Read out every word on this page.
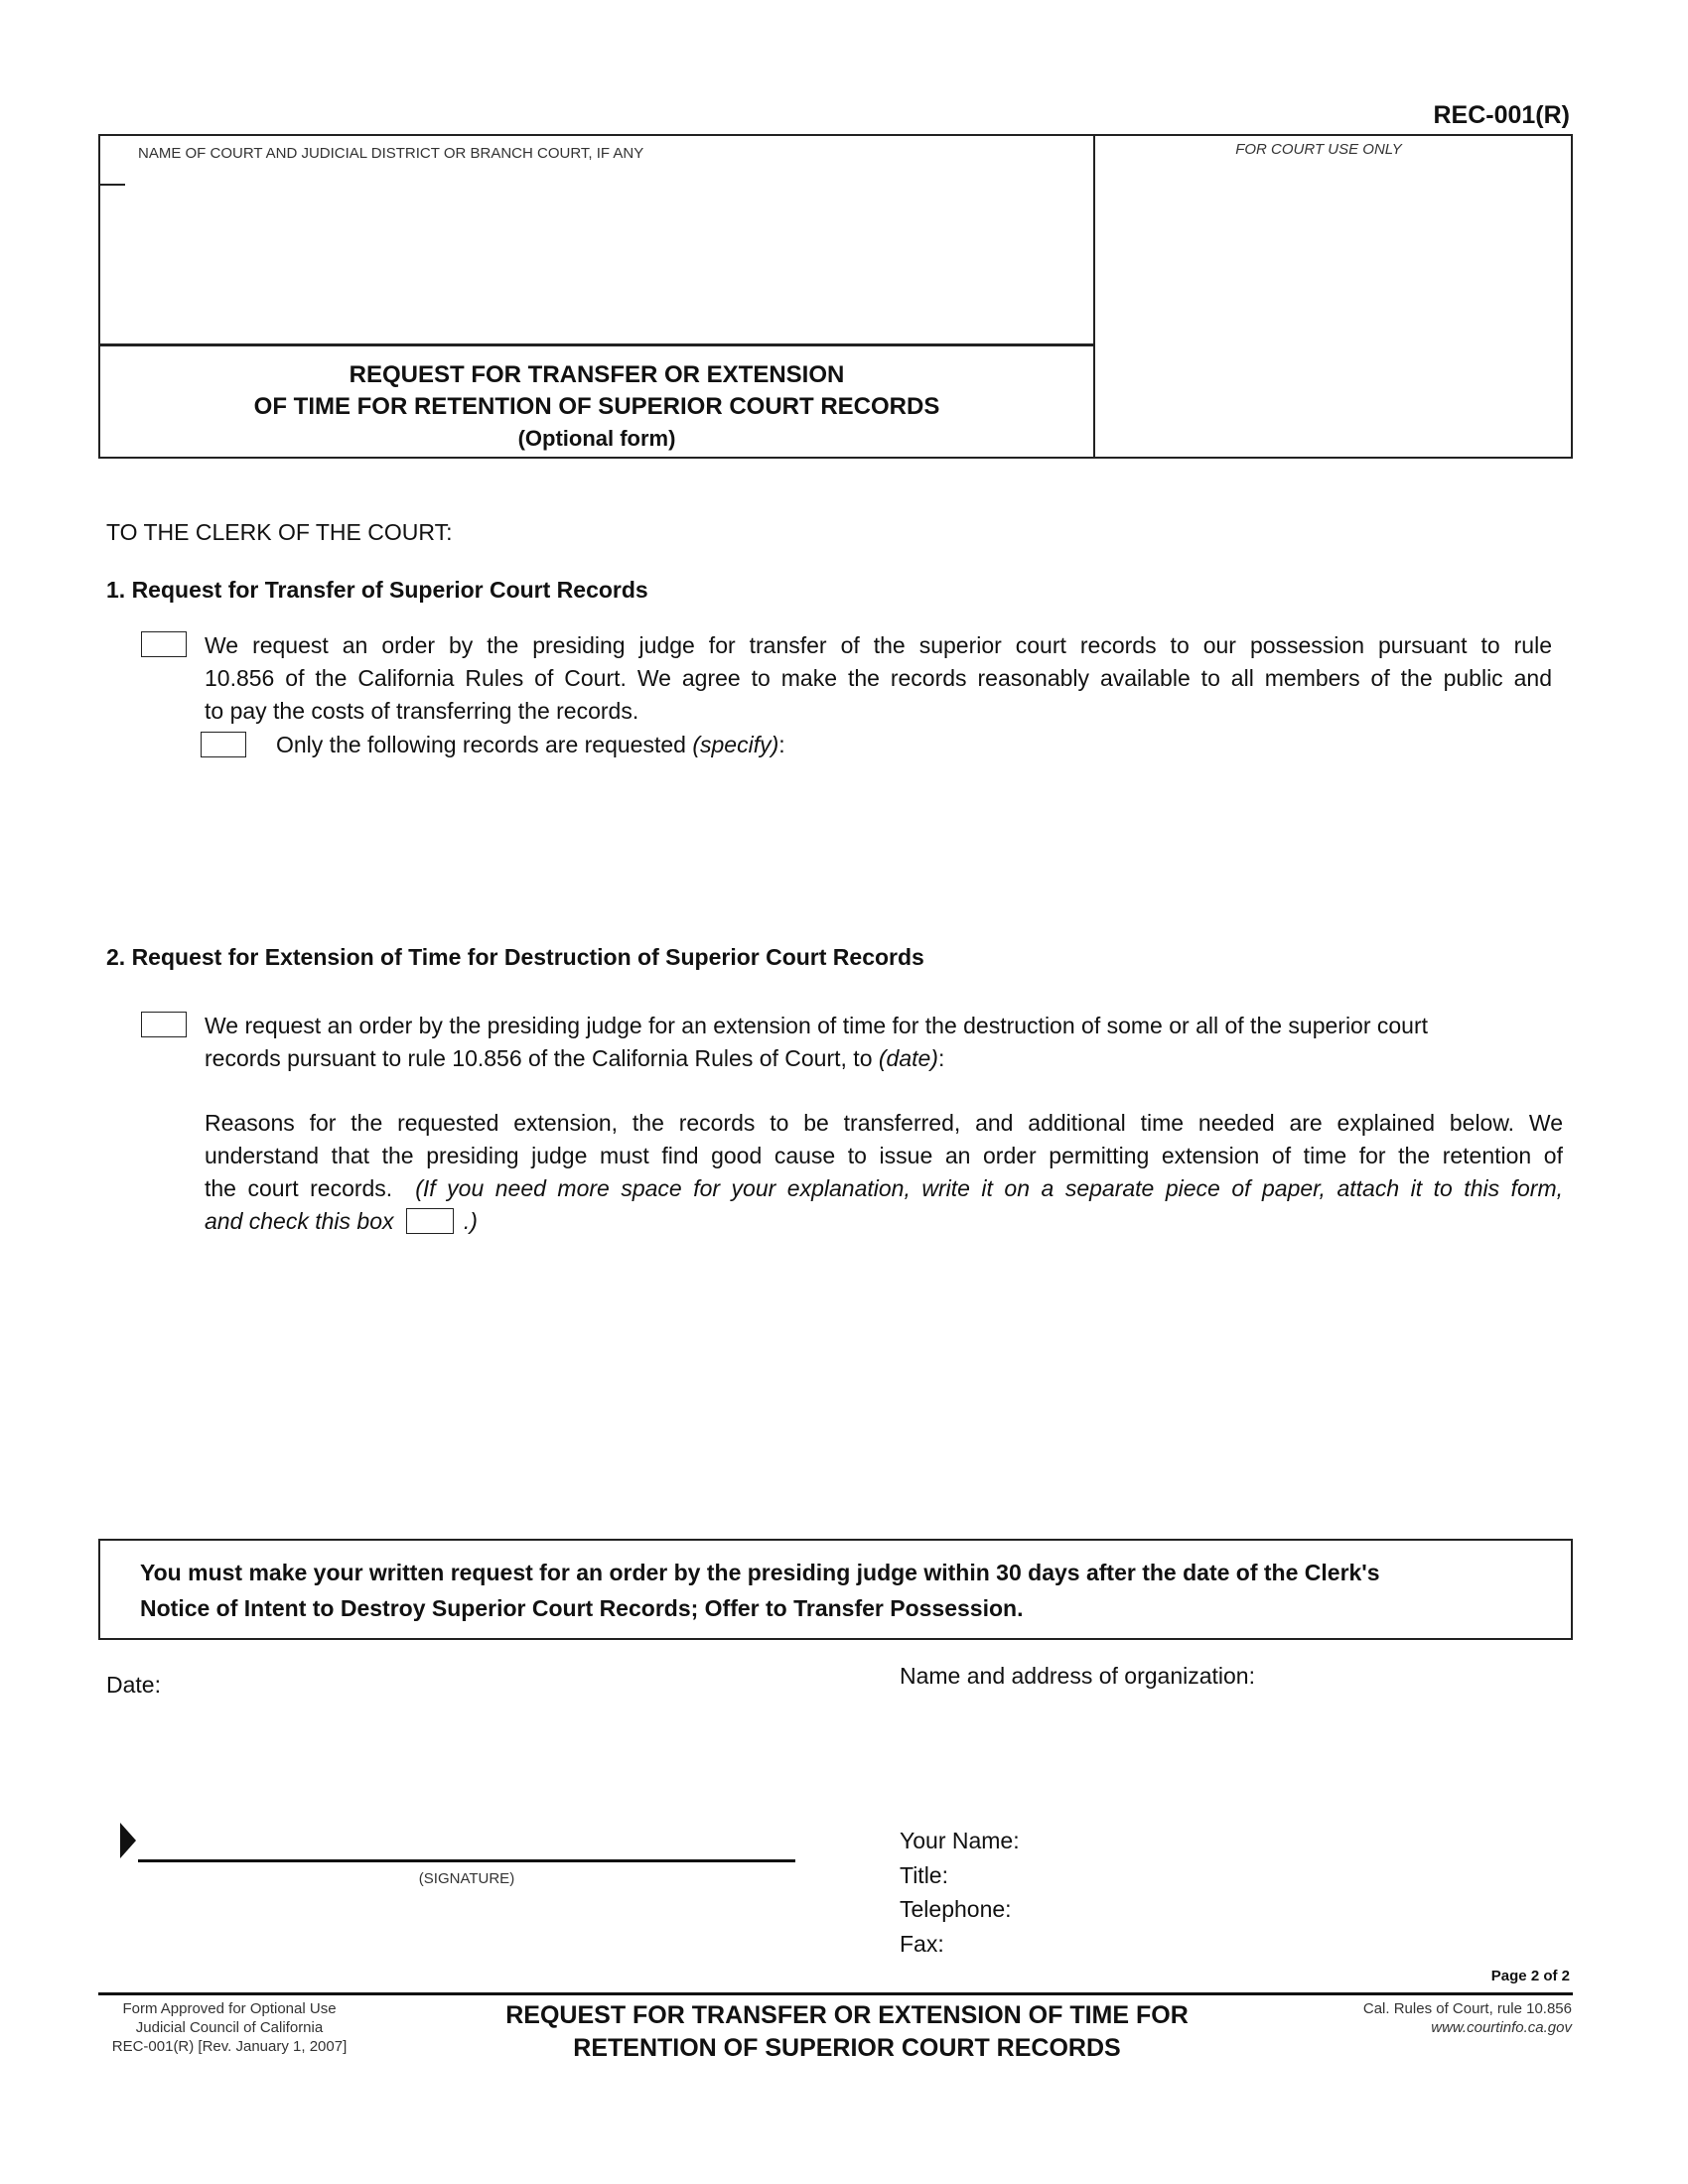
REC-001(R)
NAME OF COURT AND JUDICIAL DISTRICT OR BRANCH COURT, IF ANY	FOR COURT USE ONLY
REQUEST FOR TRANSFER OR EXTENSION
OF TIME FOR RETENTION OF SUPERIOR COURT RECORDS
(Optional form)
TO THE CLERK OF THE COURT:
1. Request for Transfer of Superior Court Records
We request an order by the presiding judge for transfer of the superior court records to our possession pursuant to rule
10.856 of the California Rules of Court. We agree to make the records reasonably available to all members of the public and
to pay the costs of transferring the records.
Only the following records are requested (specify):
2. Request for Extension of Time for Destruction of Superior Court Records
We request an order by the presiding judge for an extension of time for the destruction of some or all of the superior court
records pursuant to rule 10.856 of the California Rules of Court, to (date):
Reasons for the requested extension, the records to be transferred, and additional time needed are explained below. We
understand that the presiding judge must find good cause to issue an order permitting extension of time for the retention of
the court records. (If you need more space for your explanation, write it on a separate piece of paper, attach it to this form,
and check this box	.)
You must make your written request for an order by the presiding judge within 30 days after the date of the Clerk's
Notice of Intent to Destroy Superior Court Records; Offer to Transfer Possession.
Date:	Name and address of organization:
(SIGNATURE)
Your Name:
Title:
Telephone:
Fax:
Page 2 of 2
Form Approved for Optional Use
Judicial Council of California
REC-001(R) [Rev. January 1, 2007]
REQUEST FOR TRANSFER OR EXTENSION OF TIME FOR
RETENTION OF SUPERIOR COURT RECORDS
Cal. Rules of Court, rule 10.856
www.courtinfo.ca.gov
